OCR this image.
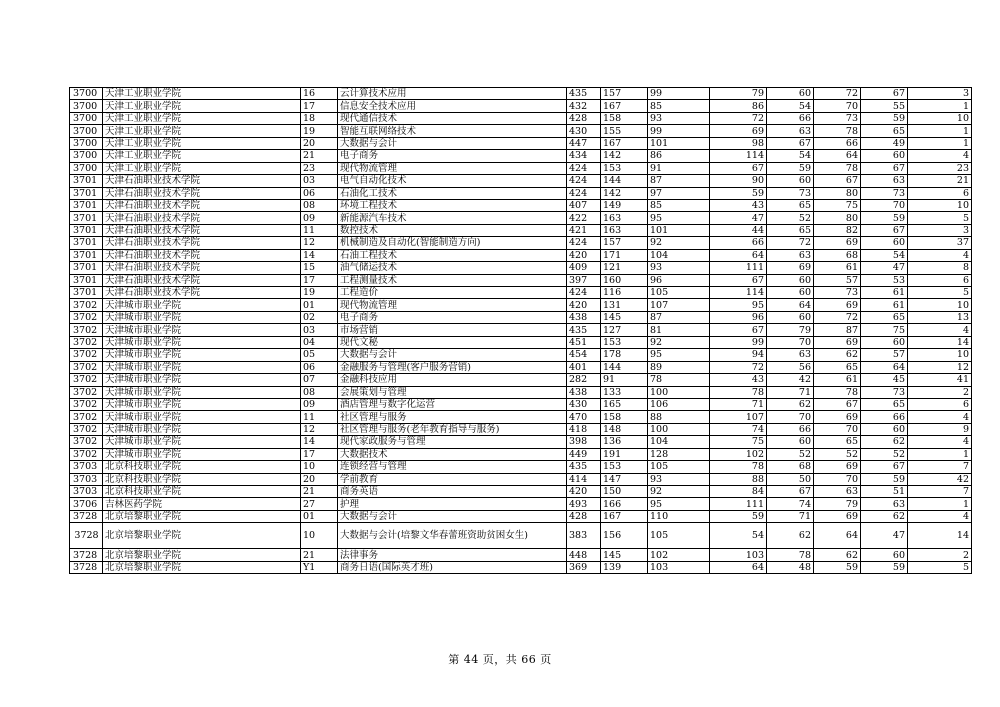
3700	天津工业职业学院	16	云计算技术应用	435	157	99	79	60	72	67	3
3700	天津工业职业学院	17	信息安全技术应用	432	167	85	86	54	70	55	1
3700	天津工业职业学院	18	现代通信技术	428	158	93	72	66	73	59	10
3700	天津工业职业学院	19	智能互联网络技术	430	155	99	69	63	78	65	1
3700	天津工业职业学院	20	大数据与会计	447	167	101	98	67	66	49	1
3700	天津工业职业学院	21	电子商务	434	142	86	114	54	64	60	4
3700	天津工业职业学院	23	现代物流管理	424	153	91	67	59	78	67	23
3701	天津石油职业技术学院	03	电气自动化技术	424	144	87	90	60	67	63	21
3701	天津石油职业技术学院	06	石油化工技术	424	142	97	59	73	80	73	6
3701	天津石油职业技术学院	08	环境工程技术	407	149	85	43	65	75	70	10
3701	天津石油职业技术学院	09	新能源汽车技术	422	163	95	47	52	80	59	5
3701	天津石油职业技术学院	11	数控技术	421	163	101	44	65	82	67	3
3701	天津石油职业技术学院	12	机械制造及自动化(智能制造方向)	424	157	92	66	72	69	60	37
3701	天津石油职业技术学院	14	石油工程技术	420	171	104	64	63	68	54	4
3701	天津石油职业技术学院	15	油气储运技术	409	121	93	111	69	61	47	8
3701	天津石油职业技术学院	17	工程测量技术	397	160	96	67	60	57	53	6
3701	天津石油职业技术学院	19	工程造价	424	116	105	114	60	73	61	5
3702	天津城市职业学院	01	现代物流管理	420	131	107	95	64	69	61	10
3702	天津城市职业学院	02	电子商务	438	145	87	96	60	72	65	13
3702	天津城市职业学院	03	市场营销	435	127	81	67	79	87	75	4
3702	天津城市职业学院	04	现代文秘	451	153	92	99	70	69	60	14
3702	天津城市职业学院	05	大数据与会计	454	178	95	94	63	62	57	10
3702	天津城市职业学院	06	金融服务与管理(客户服务营销)	401	144	89	72	56	65	64	12
3702	天津城市职业学院	07	金融科技应用	282	91	78	43	42	61	45	41
3702	天津城市职业学院	08	会展策划与管理	438	133	100	78	71	78	73	2
3702	天津城市职业学院	09	酒店管理与数字化运营	430	165	106	71	62	67	65	6
3702	天津城市职业学院	11	社区管理与服务	470	158	88	107	70	69	66	4
3702	天津城市职业学院	12	社区管理与服务(老年教育指导与服务)	418	148	100	74	66	70	60	9
3702	天津城市职业学院	14	现代家政服务与管理	398	136	104	75	60	65	62	4
3702	天津城市职业学院	17	大数据技术	449	191	128	102	52	52	52	1
3703	北京科技职业学院	10	连锁经营与管理	435	153	105	78	68	69	67	7
3703	北京科技职业学院	20	学前教育	414	147	93	88	50	70	59	42
3703	北京科技职业学院	21	商务英语	420	150	92	84	67	63	51	7
3706	吉林医药学院	27	护理	493	166	95	111	74	79	63	1
3728	北京培黎职业学院	01	大数据与会计	428	167	110	59	71	69	62	4
3728	北京培黎职业学院	10	大数据与会计(培黎文华春蕾班资助贫困女生)	383	156	105	54	62	64	47	14
3728	北京培黎职业学院	21	法律事务	448	145	102	103	78	62	60	2
3728	北京培黎职业学院	Y1	商务日语(国际英才班)	369	139	103	64	48	59	59	5
第 44 页，共 66 页
